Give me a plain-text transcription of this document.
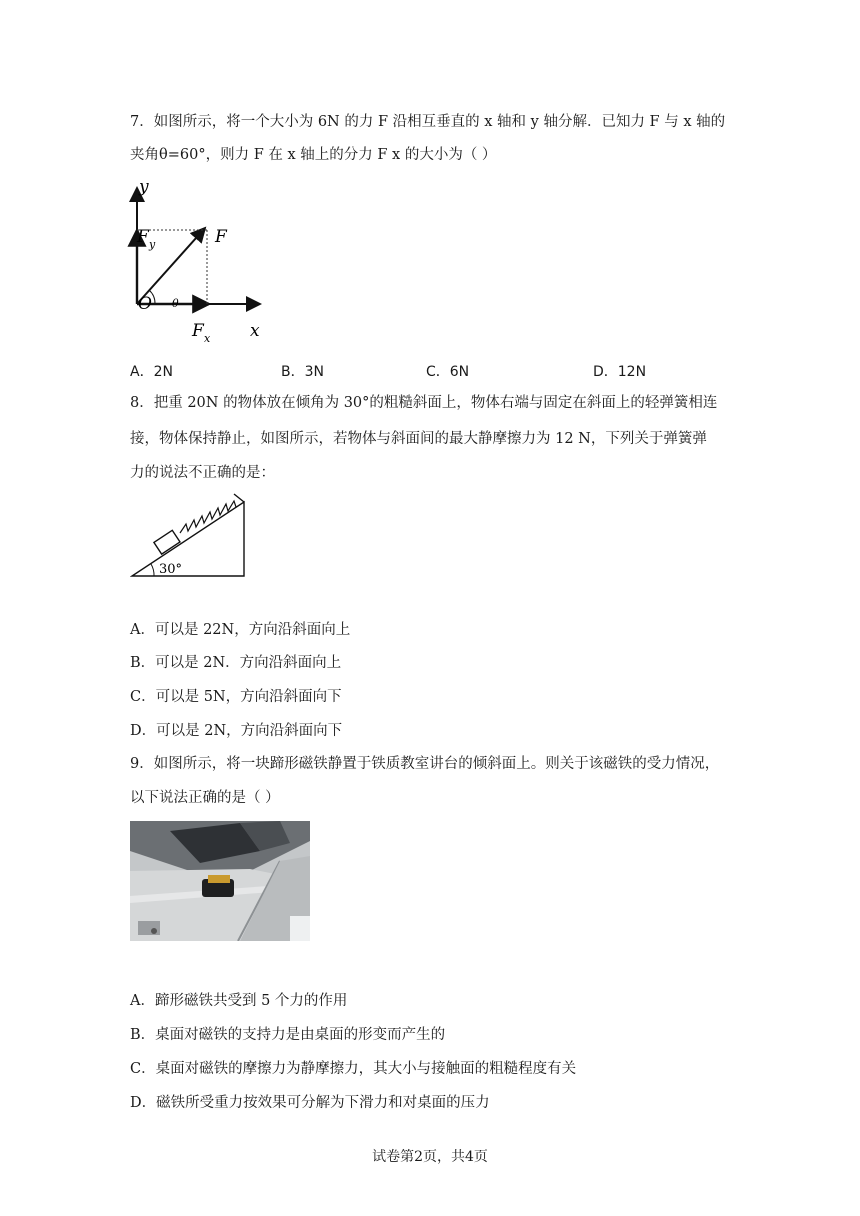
7．如图所示，将一个大小为 6N 的力 F 沿相互垂直的 x 轴和 y 轴分解．已知力 F 与 x 轴的
夹角θ=60°，则力 F 在 x 轴上的分力 F x 的大小为（ ）
y
F y	F
O θ
F x x
A．2N	B．3N	C．6N	D．12N
8．把重 20N 的物体放在倾角为 30°的粗糙斜面上，物体右端与固定在斜面上的轻弹簧相连
接，物体保持静止，如图所示，若物体与斜面间的最大静摩擦力为 12 N，下列关于弹簧弹
力的说法不正确的是：
30°
A．可以是 22N，方向沿斜面向上
B．可以是 2N．方向沿斜面向上
C．可以是 5N，方向沿斜面向下
D．可以是 2N，方向沿斜面向下
9．如图所示，将一块蹄形磁铁静置于铁质教室讲台的倾斜面上。则关于该磁铁的受力情况，
以下说法正确的是（ ）
A．蹄形磁铁共受到 5 个力的作用
B．桌面对磁铁的支持力是由桌面的形变而产生的
C．桌面对磁铁的摩擦力为静摩擦力，其大小与接触面的粗糙程度有关
D．磁铁所受重力按效果可分解为下滑力和对桌面的压力
试卷第2页，共4页
